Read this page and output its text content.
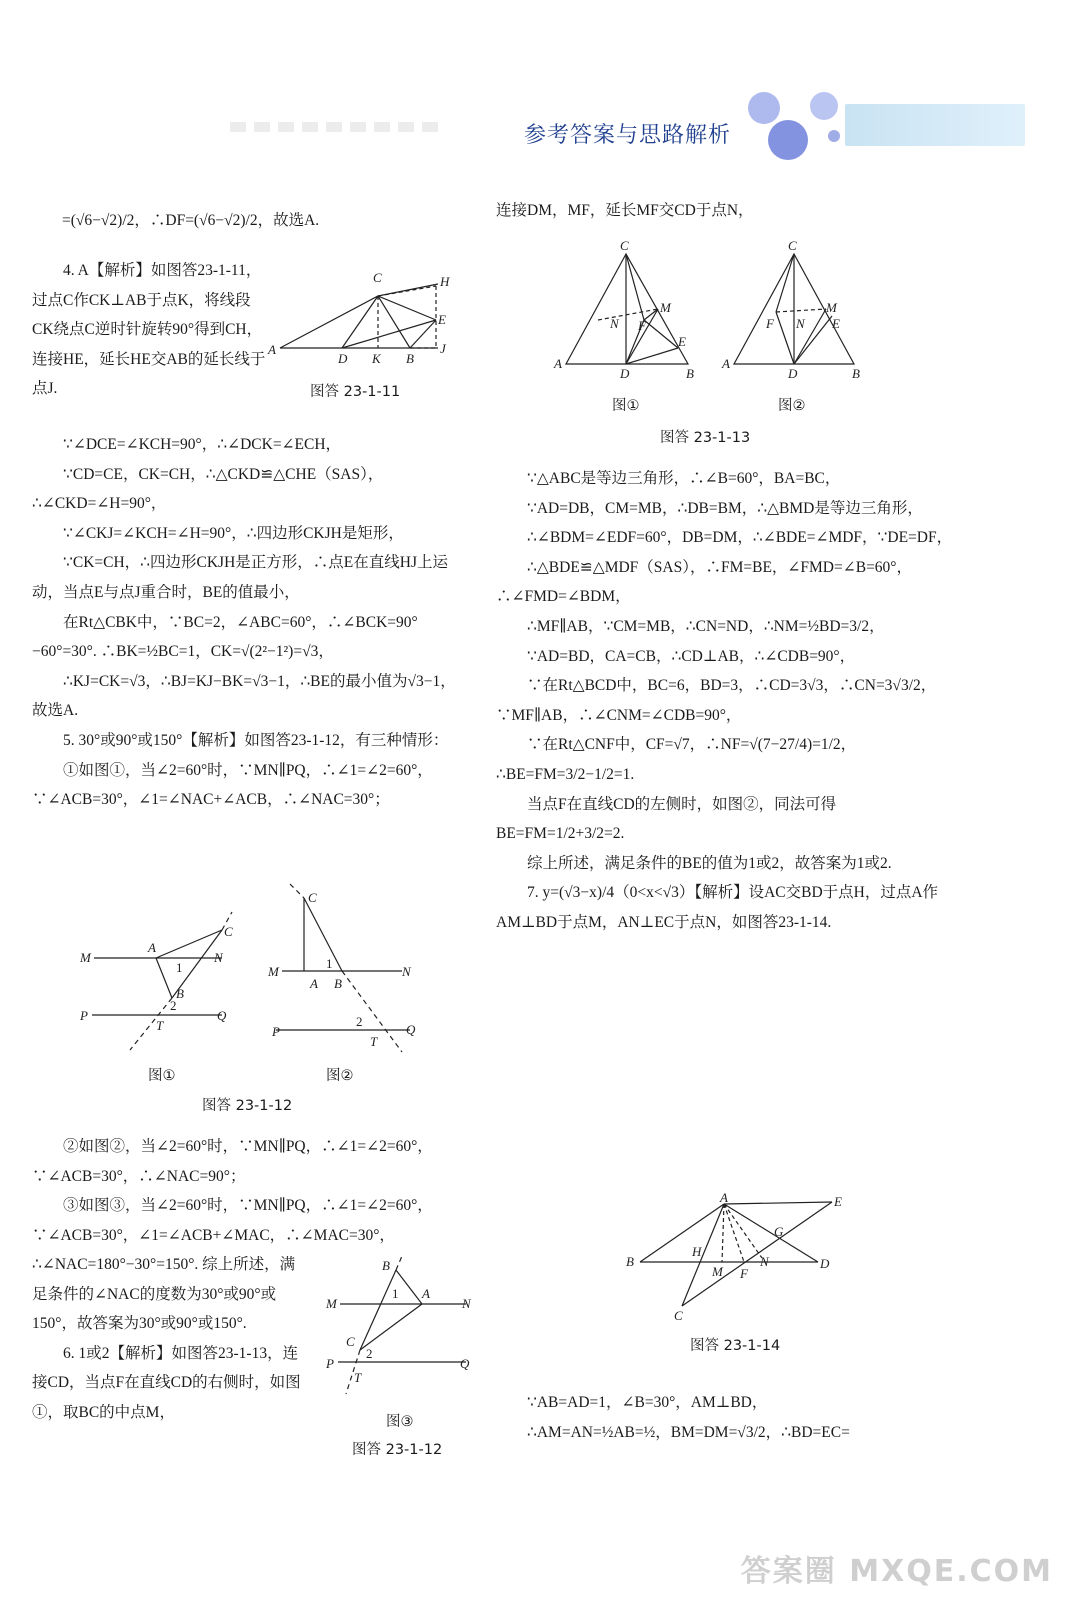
参考答案与思路解析

=(√6−√2)/2，∴DF=(√6−√2)/2，故选A.

4. A【解析】如图答23-1-11，过点C作CK⊥AB于点K，将线段CK绕点C逆时针旋转90°得到CH，连接HE，延长HE交AB的延长线于点J.

∵∠DCE=∠KCH=90°，∴∠DCK=∠ECH，

∵CD=CE，CK=CH，∴△CKD≌△CHE（SAS），

∴∠CKD=∠H=90°，

∵∠CKJ=∠KCH=∠H=90°，∴四边形CKJH是矩形，

∵CK=CH，∴四边形CKJH是正方形，∴点E在直线HJ上运动，当点E与点J重合时，BE的值最小，

在Rt△CBK中，∵BC=2，∠ABC=60°，∴∠BCK=90°−60°=30°. ∴BK=½BC=1，CK=√(2²−1²)=√3，

∴KJ=CK=√3，∴BJ=KJ−BK=√3−1，∴BE的最小值为√3−1，故选A.

5. 30°或90°或150°【解析】如图答23-1-12，有三种情形：

①如图①，当∠2=60°时，∵MN∥PQ，∴∠1=∠2=60°，∵∠ACB=30°，∠1=∠NAC+∠ACB，∴∠NAC=30°；

②如图②，当∠2=60°时，∵MN∥PQ，∴∠1=∠2=60°，∵∠ACB=30°，∴∠NAC=90°；

③如图③，当∠2=60°时，∵MN∥PQ，∴∠1=∠2=60°，∵∠ACB=30°，∠1=∠ACB+∠MAC，∴∠MAC=30°，

∴∠NAC=180°−30°=150°. 综上所述，满足条件的∠NAC的度数为30°或90°或150°，故答案为30°或90°或150°.

6. 1或2【解析】如图答23-1-13，连接CD，当点F在直线CD的右侧时，如图①，取BC的中点M，

A
D K B
J
E
C	H
图答 23-1-11
M
A
C
N
B
P	Q
T
1
2
C
M	N
A B
P	Q
T
1
2
图①	图②
图答 23-1-12
B
M
A
N
C
P	Q
T
1
2
图③
图答 23-1-12

连接DM，MF，延长MF交CD于点N，

∵△ABC是等边三角形，∴∠B=60°，BA=BC，

∵AD=DB，CM=MB，∴DB=BM，∴△BMD是等边三角形，

∴∠BDM=∠EDF=60°，DB=DM，∴∠BDE=∠MDF，∵DE=DF，

∴△BDE≌△MDF（SAS），∴FM=BE，∠FMD=∠B=60°，∴∠FMD=∠BDM，

∴MF∥AB，∵CM=MB，∴CN=ND，∴NM=½BD=3/2，

∵AD=BD，CA=CB，∴CD⊥AB，∴∠CDB=90°，

∵在Rt△BCD中，BC=6，BD=3，∴CD=3√3，∴CN=3√3/2，∵MF∥AB，∴∠CNM=∠CDB=90°，

∵在Rt△CNF中，CF=√7，∴NF=√(7−27/4)=1/2，

∴BE=FM=3/2−1/2=1.

当点F在直线CD的左侧时，如图②，同法可得BE=FM=1/2+3/2=2.

综上所述，满足条件的BE的值为1或2，故答案为1或2.

7. y=(√3−x)/4（0<x<√3）【解析】设AC交BD于点H，过点A作AM⊥BD于点M，AN⊥EC于点N，如图答23-1-14.

∵AB=AD=1，∠B=30°，AM⊥BD，

∴AM=AN=½AB=½，BM=DM=√3/2，∴BD=EC=

C
A
B
D
M
E
N F
C
A
B
D
M
E
F N
图①	图②
图答 23-1-13
A	E
B	D
C
H
M F
N
G
图答 23-1-14
答案圈 MXQE.COM
